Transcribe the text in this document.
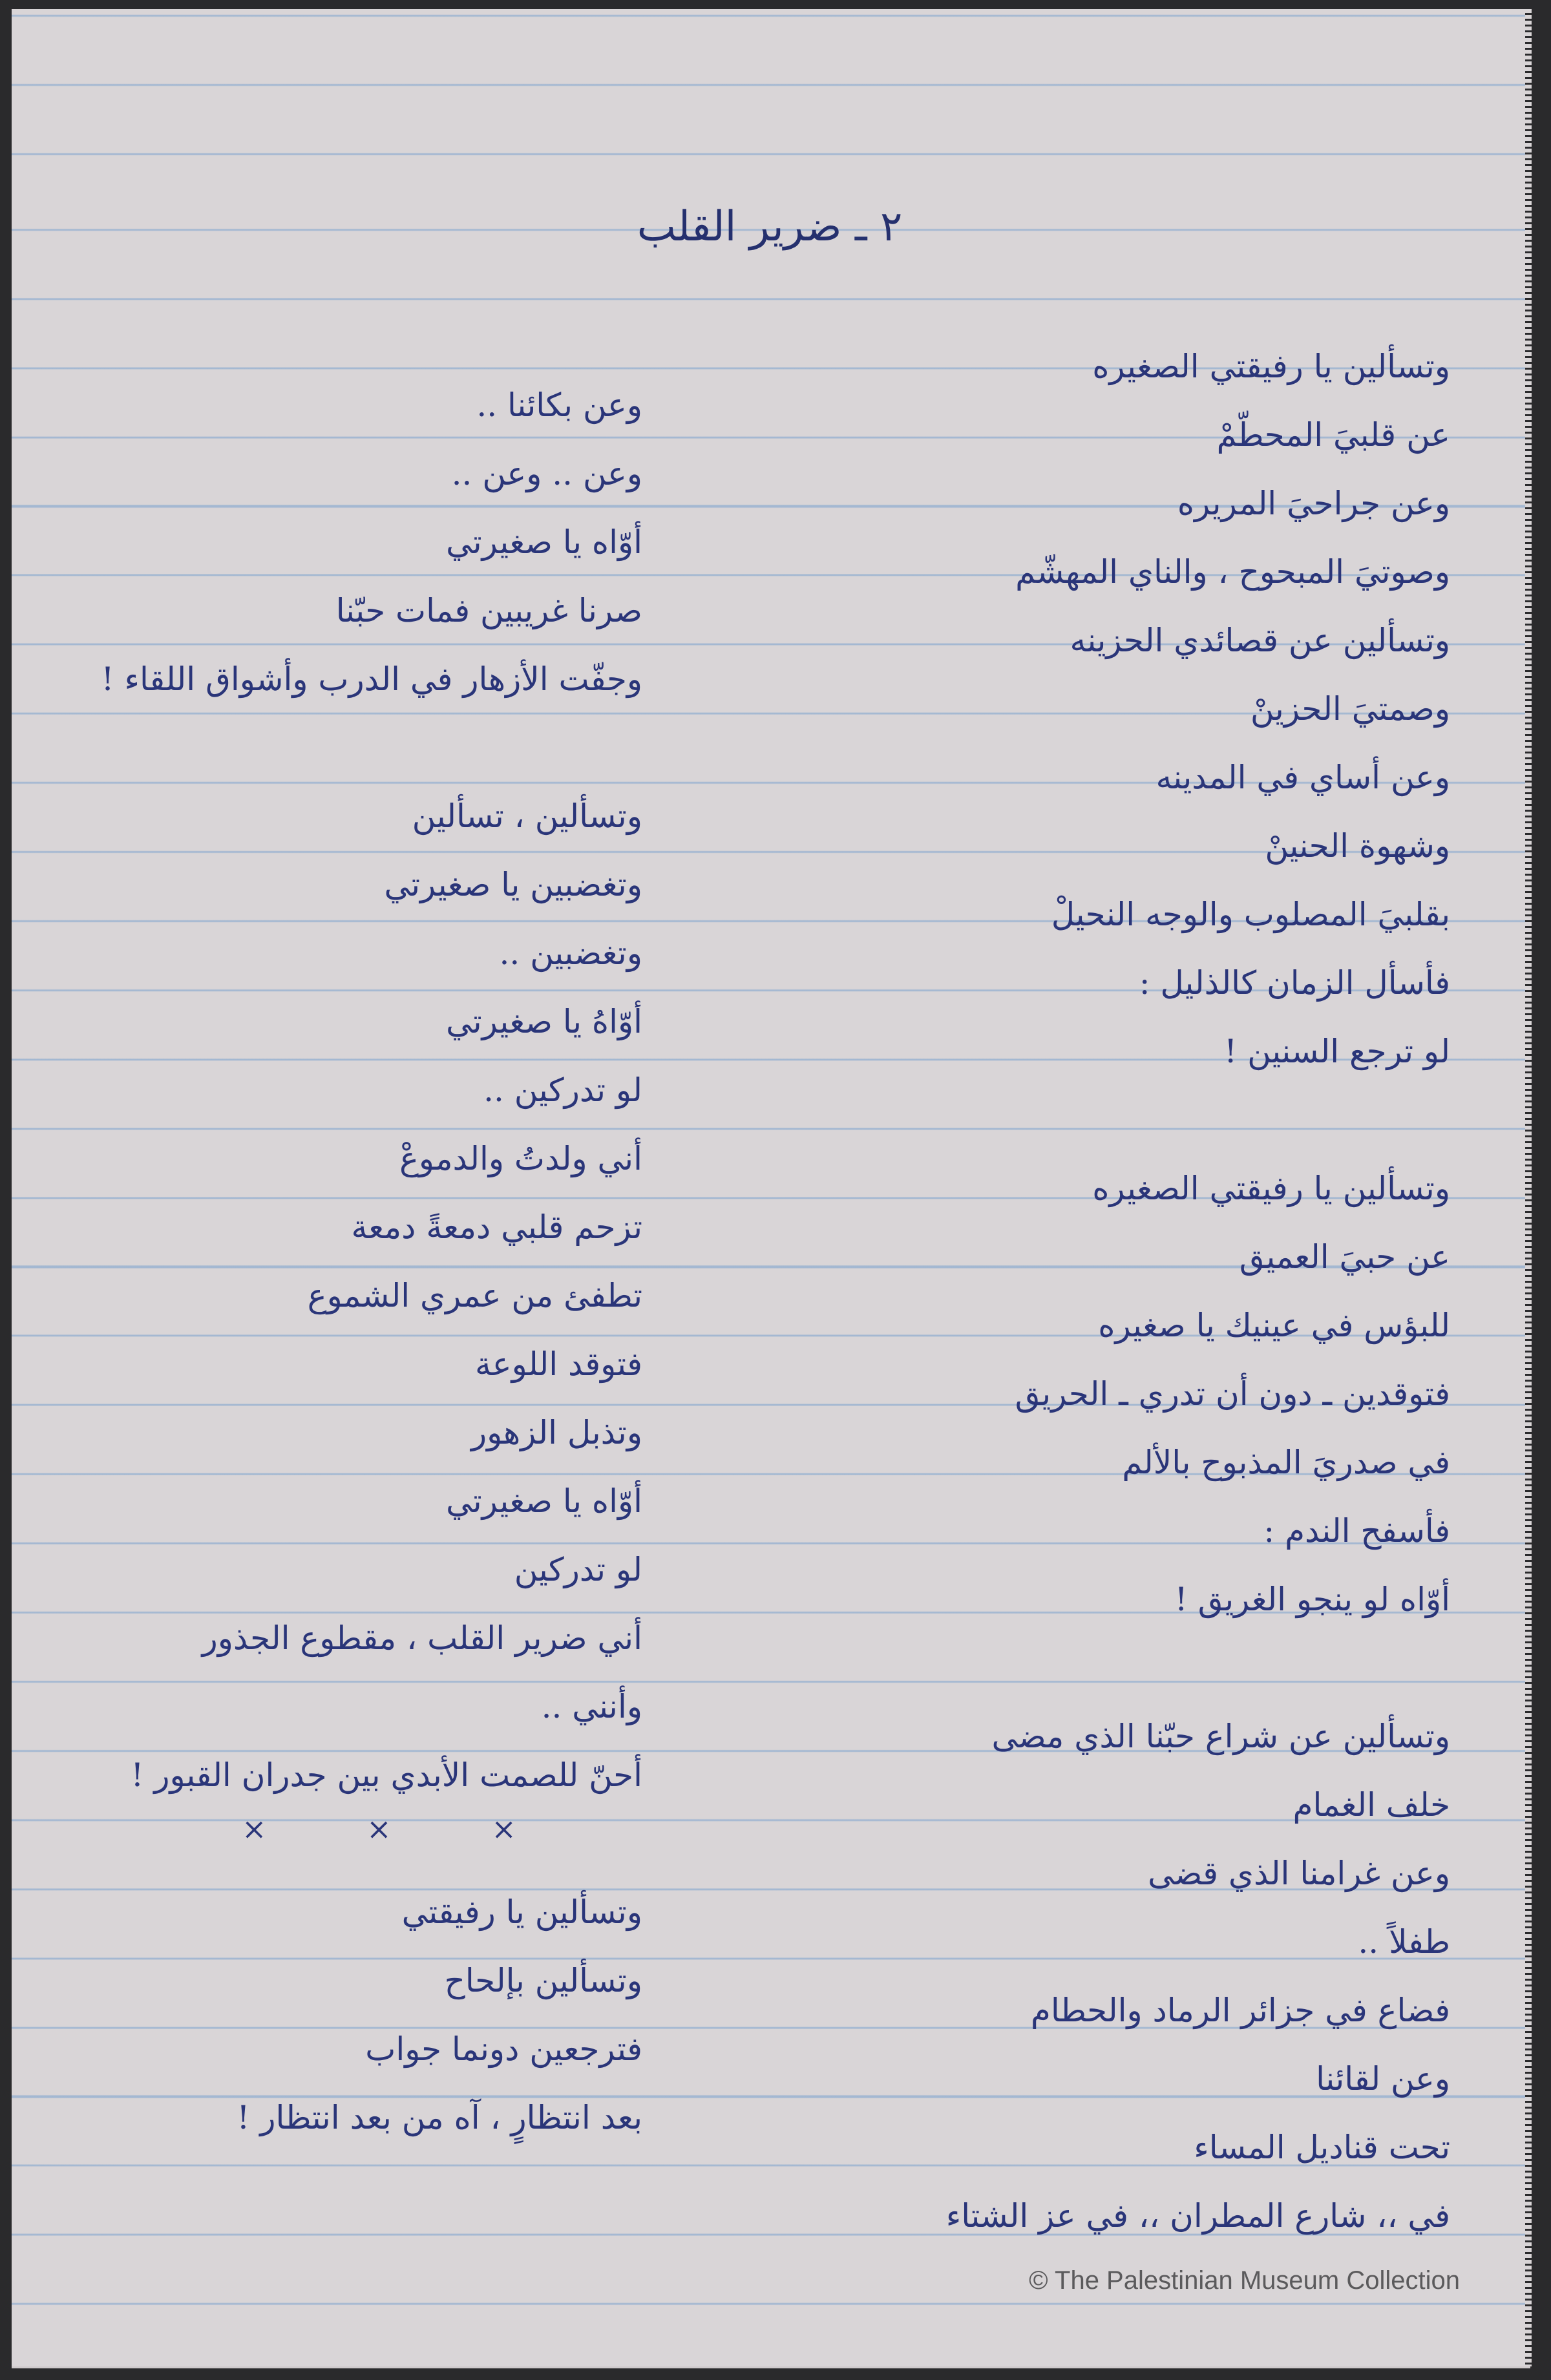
٢ ـ ضرير القلب
وتسألين يا رفيقتي الصغيره
عن قلبيَ المحطّمْ
وعن جراحيَ المريره
وصوتيَ المبحوح ، والناي المهشّم
وتسألين عن قصائدي الحزينه
وصمتيَ الحزينْ
وعن أساي في المدينه
وشهوة الحنينْ
بقلبيَ المصلوب والوجه النحيلْ
فأسأل الزمان كالذليل :
لو ترجع السنين !
وتسألين يا رفيقتي الصغيره
عن حبيَ العميق
للبؤس في عينيك يا صغيره
فتوقدين ـ دون أن تدري ـ الحريق
في صدريَ المذبوح بالألم
فأسفح الندم :
أوّاه لو ينجو الغريق !
وتسألين عن شراع حبّنا الذي مضى
خلف الغمام
وعن غرامنا الذي قضى
طفلاً ..
فضاع في جزائر الرماد والحطام
وعن لقائنا
تحت قناديل المساء
في ،، شارع المطران ،، في عز الشتاء
وعن بكائنا ..
وعن .. وعن ..
أوّاه يا صغيرتي
صرنا غريبين فمات حبّنا
وجفّت الأزهار في الدرب وأشواق اللقاء !
وتسألين ، تسألين
وتغضبين يا صغيرتي
وتغضبين ..
أوّاهُ يا صغيرتي
لو تدركين ..
أني ولدتُ والدموعْ
تزحم قلبي دمعةً دمعة
تطفئ من عمري الشموع
فتوقد اللوعة
وتذبل الزهور
أوّاه يا صغيرتي
لو تدركين
أني ضرير القلب ، مقطوع الجذور
وأنني ..
أحنّ للصمت الأبدي بين جدران القبور !
× × ×
وتسألين يا رفيقتي
وتسألين بإلحاح
فترجعين دونما جواب
بعد انتظارٍ ، آه من بعد انتظار !
© The Palestinian Museum Collection
